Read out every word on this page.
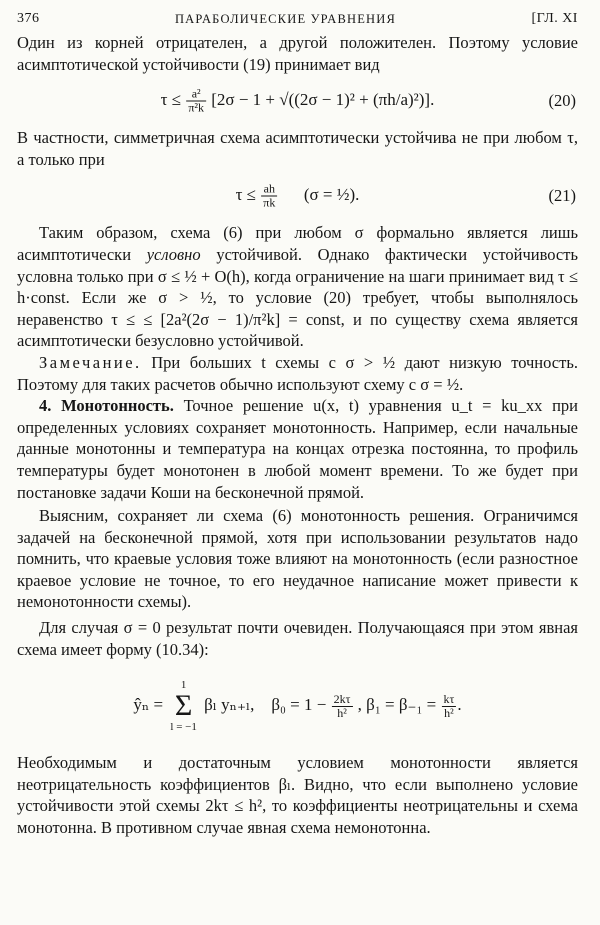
376	ПАРАБОЛИЧЕСКИЕ УРАВНЕНИЯ	[ГЛ. XI

Один из корней отрицателен, а другой положителен. Поэтому условие асимптотической устойчивости (19) принимает вид

$\tau \le \frac{\text{a²}}{\text{π²k}} [2\sigma - 1 + √((2\sigma - 1)^2 + (\pi h/a)^2)]$.	(20)

В частности, симметричная схема асимптотически устойчива не при любом τ, а только при

$\tau \le \frac{ah}{\pi k} (\sigma$ = ½).	(21)

Таким образом, схема (6) при любом σ формально является лишь асимптотически условно устойчивой. Однако фактически устойчивость условна только при σ ≤ ½ + O(h), когда ограничение на шаги принимает вид τ ≤ h·const. Если же σ > ½, то условие (20) требует, чтобы выполнялось неравенство τ ≤ ≤ [2a²(2σ − 1)/π²k] = const, и по существу схема является асимптотически безусловно устойчивой.

Замечание. При больших t схемы с σ > ½ дают низкую точность. Поэтому для таких расчетов обычно используют схему с σ = ½.

4. Монотонность. Точное решение u(x, t) уравнения u_t = ku_xx при определенных условиях сохраняет монотонность. Например, если начальные данные монотонны и температура на концах отрезка постоянна, то профиль температуры будет монотонен в любой момент времени. То же будет при постановке задачи Коши на бесконечной прямой.

Выясним, сохраняет ли схема (6) монотонность решения. Ограничимся задачей на бесконечной прямой, хотя при использовании результатов надо помнить, что краевые условия тоже влияют на монотонность (если разностное краевое условие не точное, то его неудачное написание может привести к немонотонности схемы).

Для случая σ = 0 результат почти очевиден. Получающаяся при этом явная схема имеет форму (10.34):

ŷₙ =
1
Σ
l = −1
βₗ yₙ₊ₗ, $\beta_0 = 1 - \frac{2k\tau}{\text{h²}}$ , $\beta_1 = \beta_{-1} = \frac{k\tau}{\text{h²}}$ .

Необходимым и достаточным условием монотонности является неотрицательность коэффициентов βₗ. Видно, что если выполнено условие устойчивости этой схемы 2kτ ≤ h², то коэффициенты неотрицательны и схема монотонна. В противном случае явная схема немонотонна.
